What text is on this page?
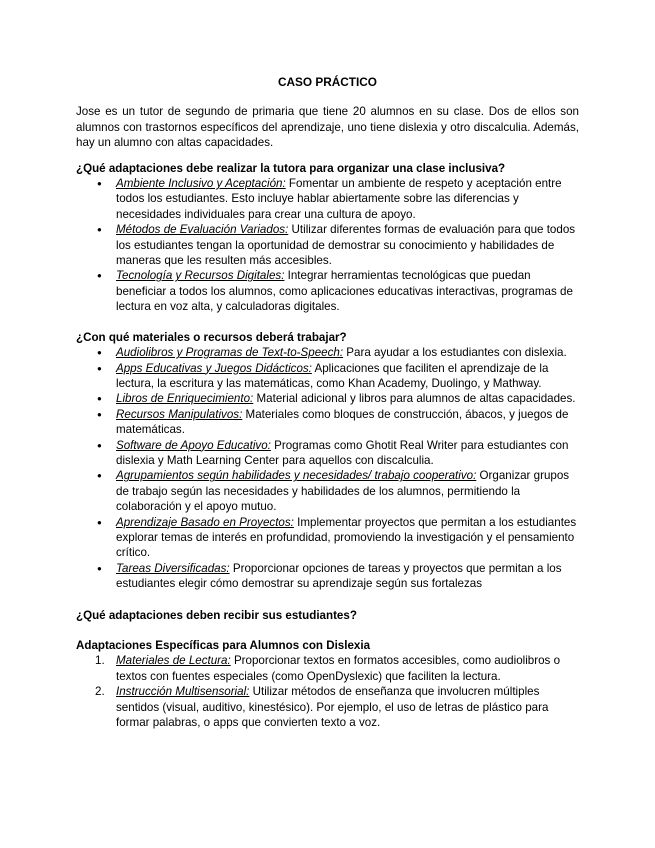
CASO PRÁCTICO

Jose es un tutor de segundo de primaria que tiene 20 alumnos en su clase. Dos de ellos son alumnos con trastornos específicos del aprendizaje, uno tiene dislexia y otro discalculia. Además, hay un alumno con altas capacidades.

¿Qué adaptaciones debe realizar la tutora para organizar una clase inclusiva?

● Ambiente Inclusivo y Aceptación: Fomentar un ambiente de respeto y aceptación entre todos los estudiantes. Esto incluye hablar abiertamente sobre las diferencias y necesidades individuales para crear una cultura de apoyo.
● Métodos de Evaluación Variados: Utilizar diferentes formas de evaluación para que todos los estudiantes tengan la oportunidad de demostrar su conocimiento y habilidades de maneras que les resulten más accesibles.
● Tecnología y Recursos Digitales: Integrar herramientas tecnológicas que puedan beneficiar a todos los alumnos, como aplicaciones educativas interactivas, programas de lectura en voz alta, y calculadoras digitales.

¿Con qué materiales o recursos deberá trabajar?

● Audiolibros y Programas de Text-to-Speech: Para ayudar a los estudiantes con dislexia.
● Apps Educativas y Juegos Didácticos: Aplicaciones que faciliten el aprendizaje de la lectura, la escritura y las matemáticas, como Khan Academy, Duolingo, y Mathway.
● Libros de Enriquecimiento: Material adicional y libros para alumnos de altas capacidades.
● Recursos Manipulativos: Materiales como bloques de construcción, ábacos, y juegos de matemáticas.
● Software de Apoyo Educativo: Programas como Ghotit Real Writer para estudiantes con dislexia y Math Learning Center para aquellos con discalculia.
● Agrupamientos según habilidades y necesidades/ trabajo cooperativo: Organizar grupos de trabajo según las necesidades y habilidades de los alumnos, permitiendo la colaboración y el apoyo mutuo.
● Aprendizaje Basado en Proyectos: Implementar proyectos que permitan a los estudiantes explorar temas de interés en profundidad, promoviendo la investigación y el pensamiento crítico.
● Tareas Diversificadas: Proporcionar opciones de tareas y proyectos que permitan a los estudiantes elegir cómo demostrar su aprendizaje según sus fortalezas

¿Qué adaptaciones deben recibir sus estudiantes?

Adaptaciones Específicas para Alumnos con Dislexia

1. Materiales de Lectura: Proporcionar textos en formatos accesibles, como audiolibros o textos con fuentes especiales (como OpenDyslexic) que faciliten la lectura.
2. Instrucción Multisensorial: Utilizar métodos de enseñanza que involucren múltiples sentidos (visual, auditivo, kinestésico). Por ejemplo, el uso de letras de plástico para formar palabras, o apps que convierten texto a voz.
